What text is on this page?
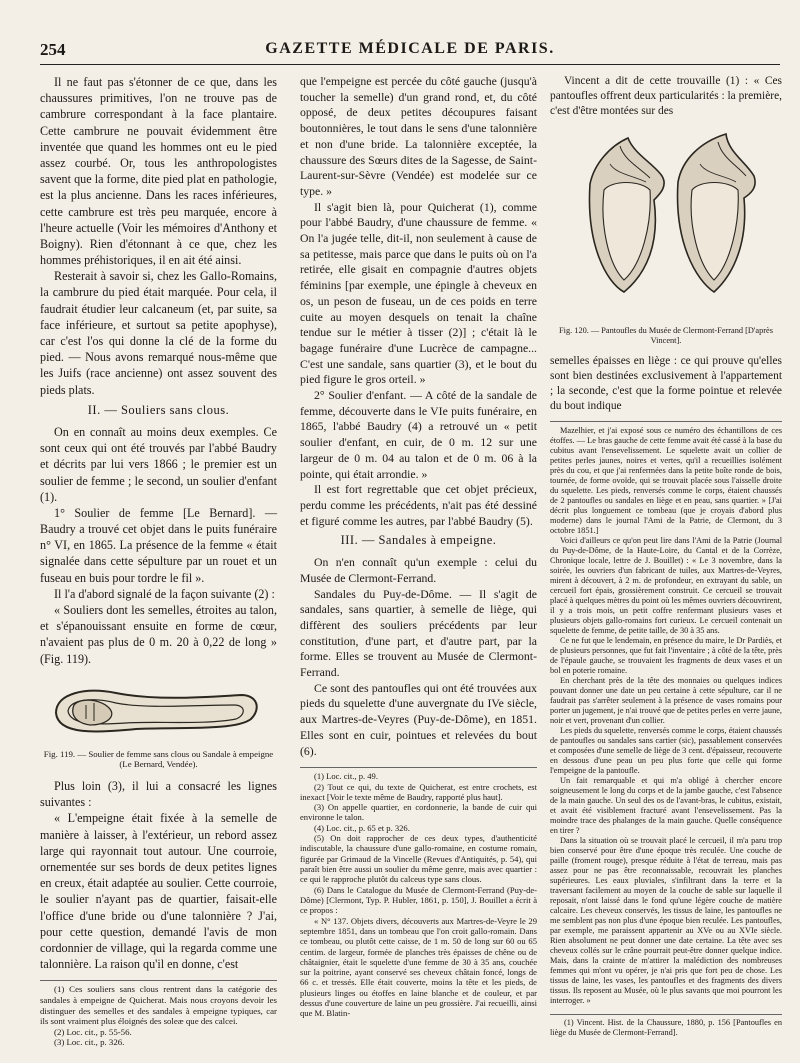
254	GAZETTE MÉDICALE DE PARIS.

Il ne faut pas s'étonner de ce que, dans les chaussures primitives, l'on ne trouve pas de cambrure correspondant à la face plantaire. Cette cambrure ne pouvait évidemment être inventée que quand les hommes ont eu le pied assez courbé. Or, tous les anthropologistes savent que la forme, dite pied plat en pathologie, est la plus ancienne. Dans les races inférieures, cette cambrure est très peu marquée, encore à l'heure actuelle (Voir les mémoires d'Anthony et Boigny). Rien d'étonnant à ce que, chez les hommes préhistoriques, il en ait été ainsi.

Resterait à savoir si, chez les Gallo-Romains, la cambrure du pied était marquée. Pour cela, il faudrait étudier leur calcaneum (et, par suite, sa face inférieure, et surtout sa petite apophyse), car c'est l'os qui donne la clé de la forme du pied. — Nous avons remarqué nous-même que les Juifs (race ancienne) ont assez souvent des pieds plats.

II. — Souliers sans clous.

On en connaît au moins deux exemples. Ce sont ceux qui ont été trouvés par l'abbé Baudry et décrits par lui vers 1866 ; le premier est un soulier de femme ; le second, un soulier d'enfant (1).

1° Soulier de femme [Le Bernard]. — Baudry a trouvé cet objet dans le puits funéraire n° VI, en 1865. La présence de la femme « était signalée dans cette sépulture par un rouet et un fuseau en buis pour tordre le fil ».

Il l'a d'abord signalé de la façon suivante (2) :

« Souliers dont les semelles, étroites au talon, et s'épanouissant ensuite en forme de cœur, n'avaient pas plus de 0 m. 20 à 0,22 de long » (Fig. 119).

Fig. 119. — Soulier de femme sans clous ou Sandale à empeigne (Le Bernard, Vendée).

Plus loin (3), il lui a consacré les lignes suivantes :

« L'empeigne était fixée à la semelle de manière à laisser, à l'extérieur, un rebord assez large qui rayonnait tout autour. Une courroie, ornementée sur ses bords de deux petites lignes en creux, était adaptée au soulier. Cette courroie, le soulier n'ayant pas de quartier, faisait-elle l'office d'une bride ou d'une talonnière ? J'ai, pour cette question, demandé l'avis de mon cordonnier de village, qui la regarda comme une talonnière. La raison qu'il en donne, c'est

(1) Ces souliers sans clous rentrent dans la catégorie des sandales à empeigne de Quicherat. Mais nous croyons devoir les distinguer des semelles et des sandales à empeigne typiques, car ils sont vraiment plus éloignés des soleæ que des calcei.

(2) Loc. cit., p. 55-56.

(3) Loc. cit., p. 326.

que l'empeigne est percée du côté gauche (jusqu'à toucher la semelle) d'un grand rond, et, du côté opposé, de deux petites découpures faisant boutonnières, le tout dans le sens d'une talonnière et non d'une bride. La talonnière exceptée, la chaussure des Sœurs dites de la Sagesse, de Saint-Laurent-sur-Sèvre (Vendée) est modelée sur ce type. »

Il s'agit bien là, pour Quicherat (1), comme pour l'abbé Baudry, d'une chaussure de femme. « On l'a jugée telle, dit-il, non seulement à cause de sa petitesse, mais parce que dans le puits où on l'a retirée, elle gisait en compagnie d'autres objets féminins [par exemple, une épingle à cheveux en os, un peson de fuseau, un de ces poids en terre cuite au moyen desquels on tenait la chaîne tendue sur le métier à tisser (2)] ; c'était là le bagage funéraire d'une Lucrèce de campagne... C'est une sandale, sans quartier (3), et le bout du pied figure le gros orteil. »

2° Soulier d'enfant. — A côté de la sandale de femme, découverte dans le VIe puits funéraire, en 1865, l'abbé Baudry (4) a retrouvé un « petit soulier d'enfant, en cuir, de 0 m. 12 sur une largeur de 0 m. 04 au talon et de 0 m. 06 à la pointe, qui était arrondie. »

Il est fort regrettable que cet objet précieux, perdu comme les précédents, n'ait pas été dessiné et figuré comme les autres, par l'abbé Baudry (5).

III. — Sandales à empeigne.

On n'en connaît qu'un exemple : celui du Musée de Clermont-Ferrand.

Sandales du Puy-de-Dôme. — Il s'agit de sandales, sans quartier, à semelle de liège, qui diffèrent des souliers précédents par leur constitution, d'une part, et d'autre part, par la forme. Elles se trouvent au Musée de Clermont-Ferrand.

Ce sont des pantoufles qui ont été trouvées aux pieds du squelette d'une auvergnate du IVe siècle, aux Martres-de-Veyres (Puy-de-Dôme), en 1851. Elles sont en cuir, pointues et relevées du bout (6).

(1) Loc. cit., p. 49.

(2) Tout ce qui, du texte de Quicherat, est entre crochets, est inexact [Voir le texte même de Baudry, rapporté plus haut].

(3) On appelle quartier, en cordonnerie, la bande de cuir qui environne le talon.

(4) Loc. cit., p. 65 et p. 326.

(5) On doit rapprocher de ces deux types, d'authenticité indiscutable, la chaussure d'une gallo-romaine, en costume romain, figurée par Grimaud de la Vincelle (Revues d'Antiquités, p. 54), qui paraît bien être aussi un soulier du même genre, mais avec quartier : ce qui le rapproche plutôt du calceus type sans clous.

(6) Dans le Catalogue du Musée de Clermont-Ferrand (Puy-de-Dôme) [Clermont, Typ. P. Hubler, 1861, p. 150], J. Bouillet a écrit à ce propos :

« N° 137. Objets divers, découverts aux Martres-de-Veyre le 29 septembre 1851, dans un tombeau que l'on croit gallo-romain. Dans ce tombeau, ou plutôt cette caisse, de 1 m. 50 de long sur 60 ou 65 centim. de largeur, formée de planches très épaisses de chêne ou de châtaignier, était le squelette d'une femme de 30 à 35 ans, couchée sur la poitrine, ayant conservé ses cheveux châtain foncé, longs de 66 c. et tressés. Elle était couverte, moins la tête et les pieds, de plusieurs linges ou étoffes en laine blanche et de couleur, et par dessus d'une couverture de laine un peu grossière. J'ai recueilli, ainsi que M. Blatin-

Vincent a dit de cette trouvaille (1) : « Ces pantoufles offrent deux particularités : la première, c'est d'être montées sur des

Fig. 120. — Pantoufles du Musée de Clermont-Ferrand [D'après Vincent].

semelles épaisses en liège : ce qui prouve qu'elles sont bien destinées exclusivement à l'appartement ; la seconde, c'est que la forme pointue et relevée du bout indique

Mazelhier, et j'ai exposé sous ce numéro des échantillons de ces étoffes. — Le bras gauche de cette femme avait été cassé à la base du cubitus avant l'ensevelissement. Le squelette avait un collier de petites perles jaunes, noires et vertes, qu'il a recueillies isolément près du cou, et que j'ai renfermées dans la petite boîte ronde de bois, tournée, de forme ovoïde, qui se trouvait placée sous l'aisselle droite du squelette. Les pieds, renversés comme le corps, étaient chaussés de 2 pantoufles ou sandales en liège et en peau, sans quartier. » [J'ai décrit plus longuement ce tombeau (que je croyais d'abord plus moderne) dans le journal l'Ami de la Patrie, de Clermont, du 3 octobre 1851.]

Voici d'ailleurs ce qu'on peut lire dans l'Ami de la Patrie (Journal du Puy-de-Dôme, de la Haute-Loire, du Cantal et de la Corrèze, Chronique locale, lettre de J. Bouillet) : « Le 3 novembre, dans la soirée, les ouvriers d'un fabricant de tuiles, aux Martres-de-Veyres, mirent à découvert, à 2 m. de profondeur, en extrayant du sable, un cercueil fort épais, grossièrement construit. Ce cercueil se trouvait placé à quelques mètres du point où les mêmes ouvriers découvrirent, il y a trois mois, un petit coffre renfermant plusieurs vases et plusieurs objets gallo-romains fort curieux. Le cercueil contenait un squelette de femme, de petite taille, de 30 à 35 ans.

Ce ne fut que le lendemain, en présence du maire, le Dr Pardiès, et de plusieurs personnes, que fut fait l'inventaire ; à côté de la tête, près de l'épaule gauche, se trouvaient les fragments de deux vases et un bol en poterie romaine.

En cherchant près de la tête des monnaies ou quelques indices pouvant donner une date un peu certaine à cette sépulture, car il ne faudrait pas s'arrêter seulement à la présence de vases romains pour porter un jugement, je n'ai trouvé que de petites perles en verre jaune, noir et vert, provenant d'un collier.

Les pieds du squelette, renversés comme le corps, étaient chaussés de pantoufles ou sandales sans cartier (sic), passablement conservées et composées d'une semelle de liège de 3 cent. d'épaisseur, recouverte en dessous d'une peau un peu plus forte que celle qui forme l'empeigne de la pantoufle.

Un fait remarquable et qui m'a obligé à chercher encore soigneusement le long du corps et de la jambe gauche, c'est l'absence de la main gauche. Un seul des os de l'avant-bras, le cubitus, existait, et avait été visiblement fracturé avant l'ensevelissement. Pas la moindre trace des phalanges de la main gauche. Quelle conséquence en tirer ?

Dans la situation où se trouvait placé le cercueil, il m'a paru trop bien conservé pour être d'une époque très reculée. Une couche de paille (froment rouge), presque réduite à l'état de terreau, mais pas assez pour ne pas être reconnaissable, recouvrait les planches supérieures. Les eaux pluviales, s'infiltrant dans la terre et la traversant facilement au moyen de la couche de sable sur laquelle il reposait, n'ont laissé dans le fond qu'une légère couche de matière calcaire. Les cheveux conservés, les tissus de laine, les pantoufles ne me semblent pas non plus d'une époque bien reculée. Les pantoufles, par exemple, me paraissent appartenir au XVe ou au XVIe siècle. Rien absolument ne peut donner une date certaine. La tête avec ses cheveux collés sur le crâne pourrait peut-être donner quelque indice. Mais, dans la crainte de m'attirer la malédiction des nombreuses femmes qui m'ont vu opérer, je n'ai pris que fort peu de chose. Les tissus de laine, les vases, les pantoufles et des fragments des divers tissus. Ils reposent au Musée, où le plus savants que moi pourront les interroger. »

(1) Vincent. Hist. de la Chaussure, 1880, p. 156 [Pantoufles en liège du Musée de Clermont-Ferrand].
